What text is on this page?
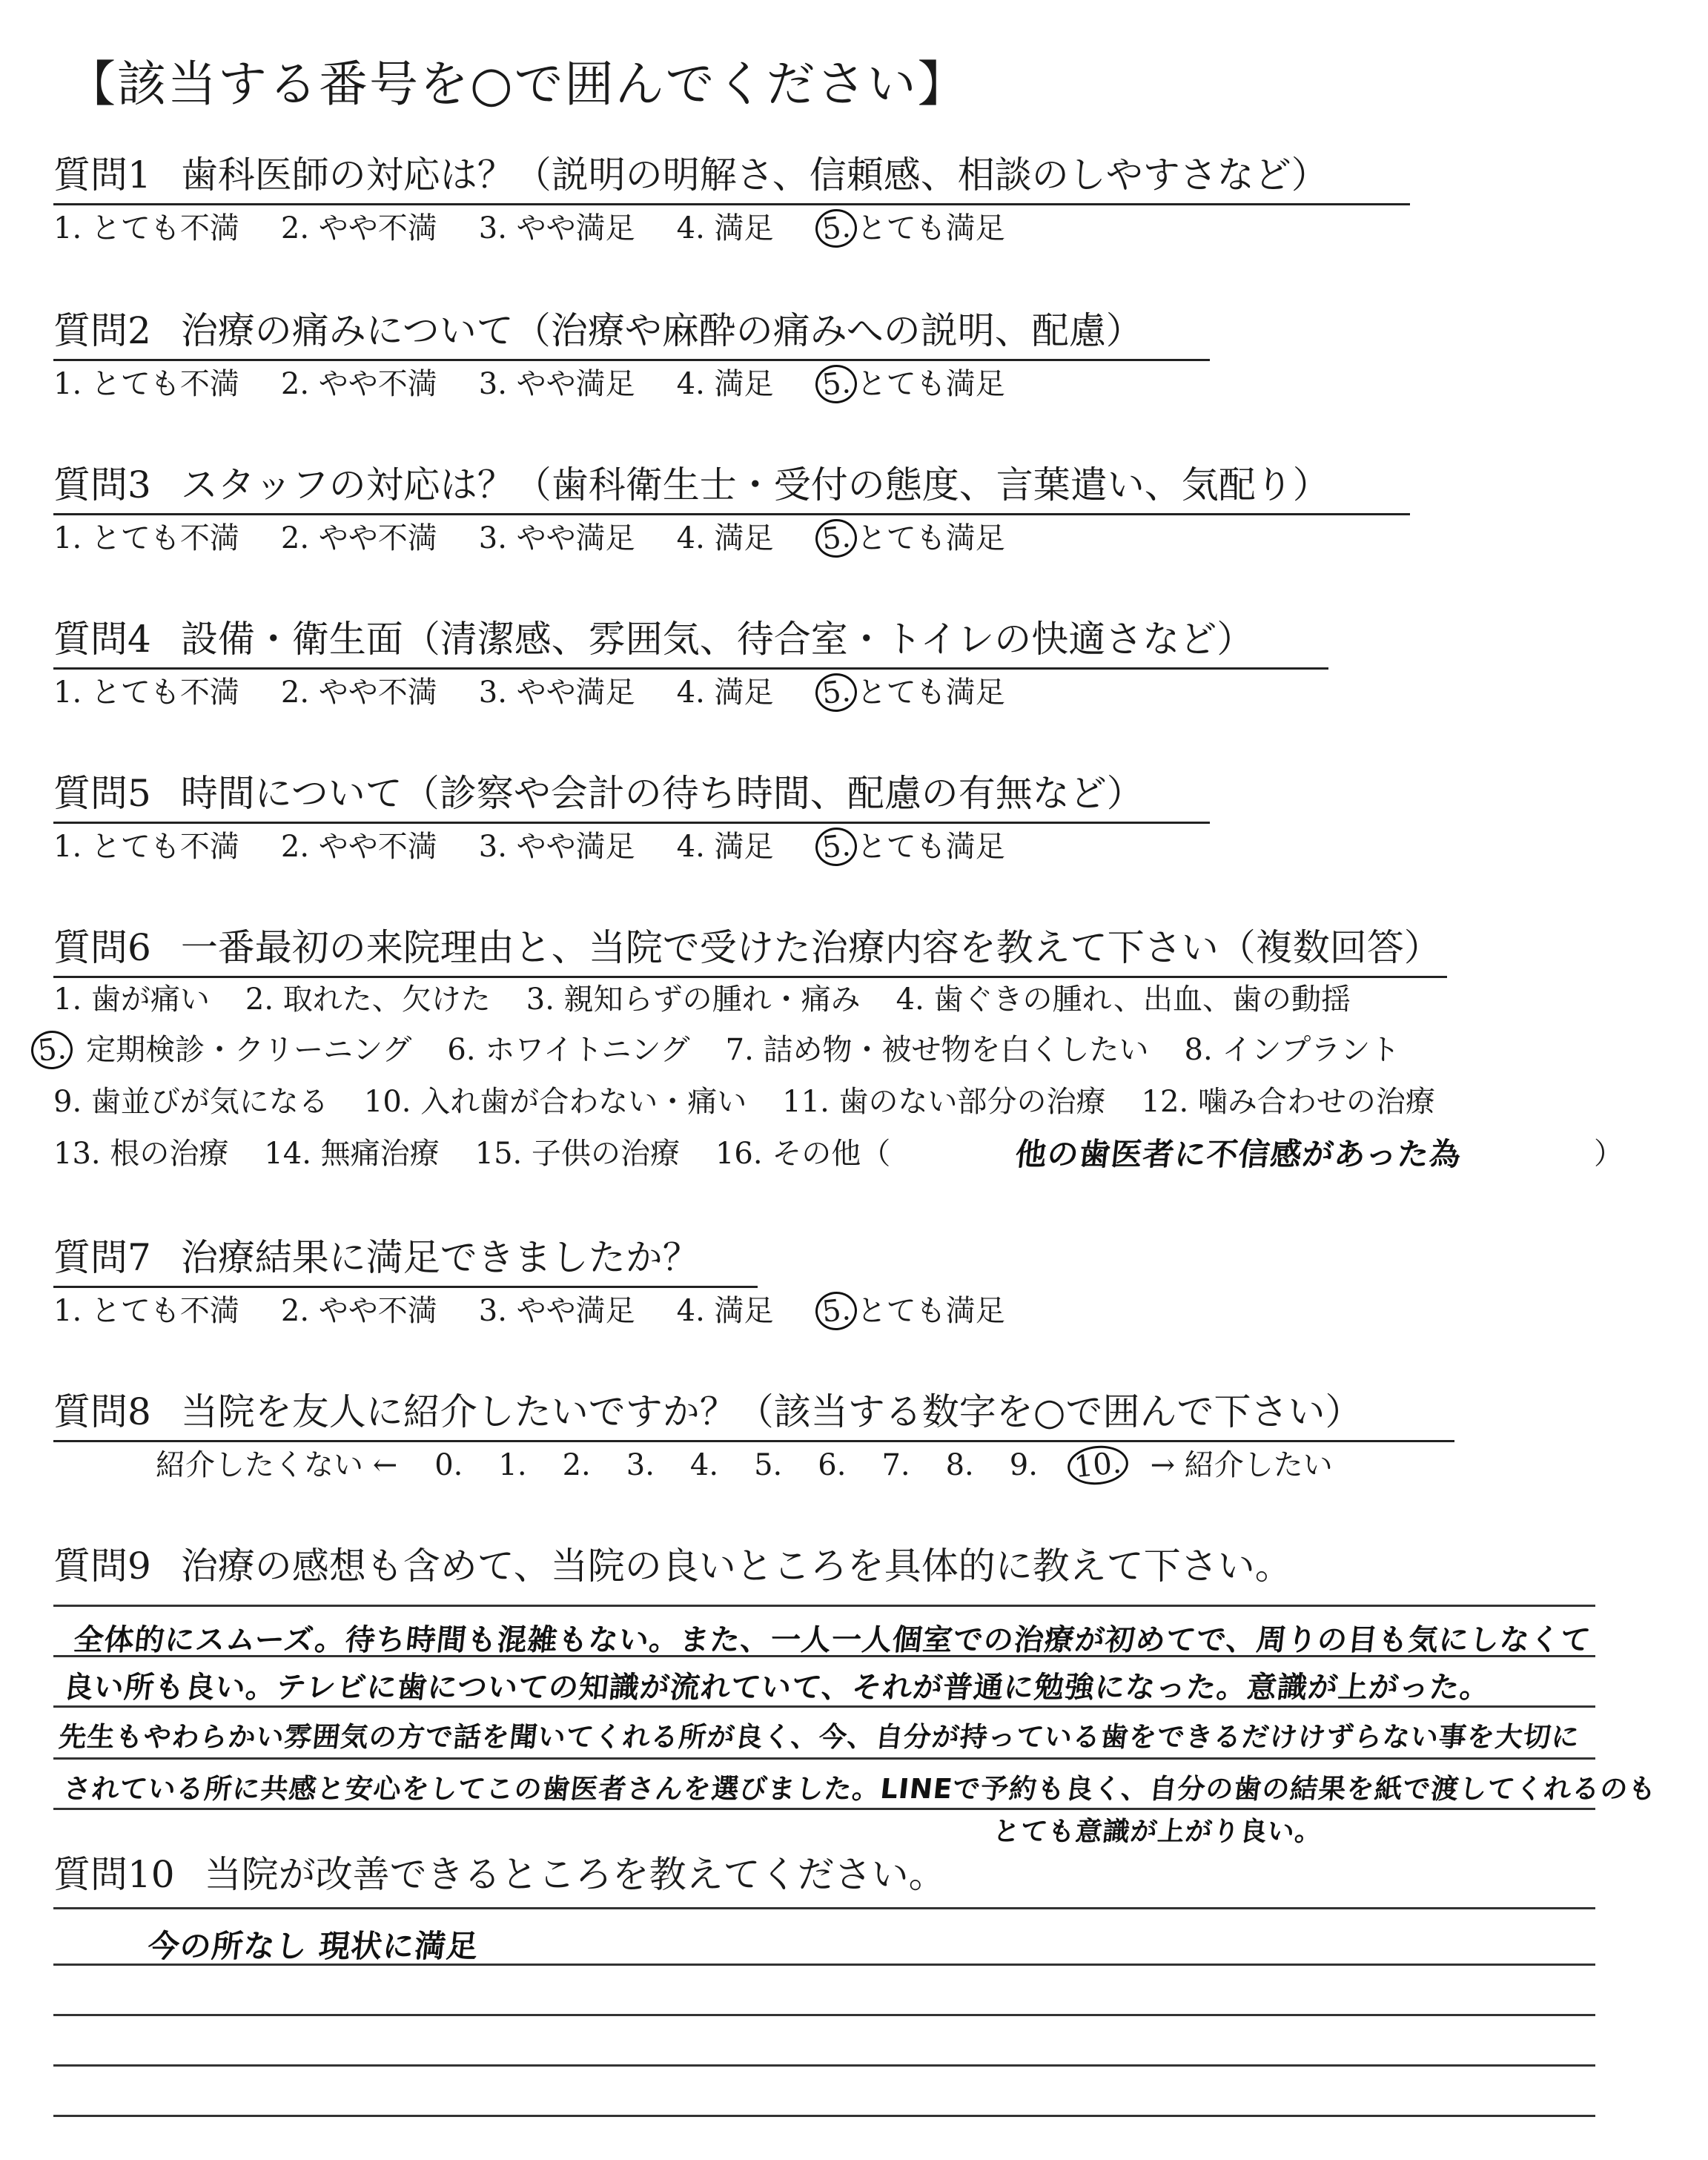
【該当する番号を○で囲んでください】
質問1 歯科医師の対応は？（説明の明解さ、信頼感、相談のしやすさなど）
1. とても不満 2. やや不満 3. やや満足 4. 満足 5. とても満足
質問2 治療の痛みについて（治療や麻酔の痛みへの説明、配慮）
1. とても不満 2. やや不満 3. やや満足 4. 満足 5. とても満足
質問3 スタッフの対応は？（歯科衛生士・受付の態度、言葉遣い、気配り）
1. とても不満 2. やや不満 3. やや満足 4. 満足 5. とても満足
質問4 設備・衛生面（清潔感、雰囲気、待合室・トイレの快適さなど）
1. とても不満 2. やや不満 3. やや満足 4. 満足 5. とても満足
質問5 時間について（診察や会計の待ち時間、配慮の有無など）
1. とても不満 2. やや不満 3. やや満足 4. 満足 5. とても満足
質問6 一番最初の来院理由と、当院で受けた治療内容を教えて下さい（複数回答）
1. 歯が痛い 2. 取れた、欠けた 3. 親知らずの腫れ・痛み 4. 歯ぐきの腫れ、出血、歯の動揺
5. 定期検診・クリーニング 6. ホワイトニング 7. 詰め物・被せ物を白くしたい 8. インプラント
9. 歯並びが気になる 10. 入れ歯が合わない・痛い 11. 歯のない部分の治療 12. 噛み合わせの治療
13. 根の治療 14. 無痛治療 15. 子供の治療 16. その他（	他の歯医者に不信感があった為	）
質問7 治療結果に満足できましたか？
1. とても不満 2. やや不満 3. やや満足 4. 満足 5. とても満足
質問8 当院を友人に紹介したいですか？（該当する数字を○で囲んで下さい）
紹介したくない ← 0. 1. 2. 3. 4. 5. 6. 7. 8. 9. 10. → 紹介したい
質問9 治療の感想も含めて、当院の良いところを具体的に教えて下さい。
全体的にスムーズ。待ち時間も混雑もない。また、一人一人個室での治療が初めてで、周りの目も気にしなくて
良い所も良い。テレビに歯についての知識が流れていて、それが普通に勉強になった。意識が上がった。
先生もやわらかい雰囲気の方で話を聞いてくれる所が良く、今、自分が持っている歯をできるだけけずらない事を大切に
されている所に共感と安心をしてこの歯医者さんを選びました。LINEで予約も良く、自分の歯の結果を紙で渡してくれるのも
とても意識が上がり良い。
質問10 当院が改善できるところを教えてください。
今の所なし 現状に満足
